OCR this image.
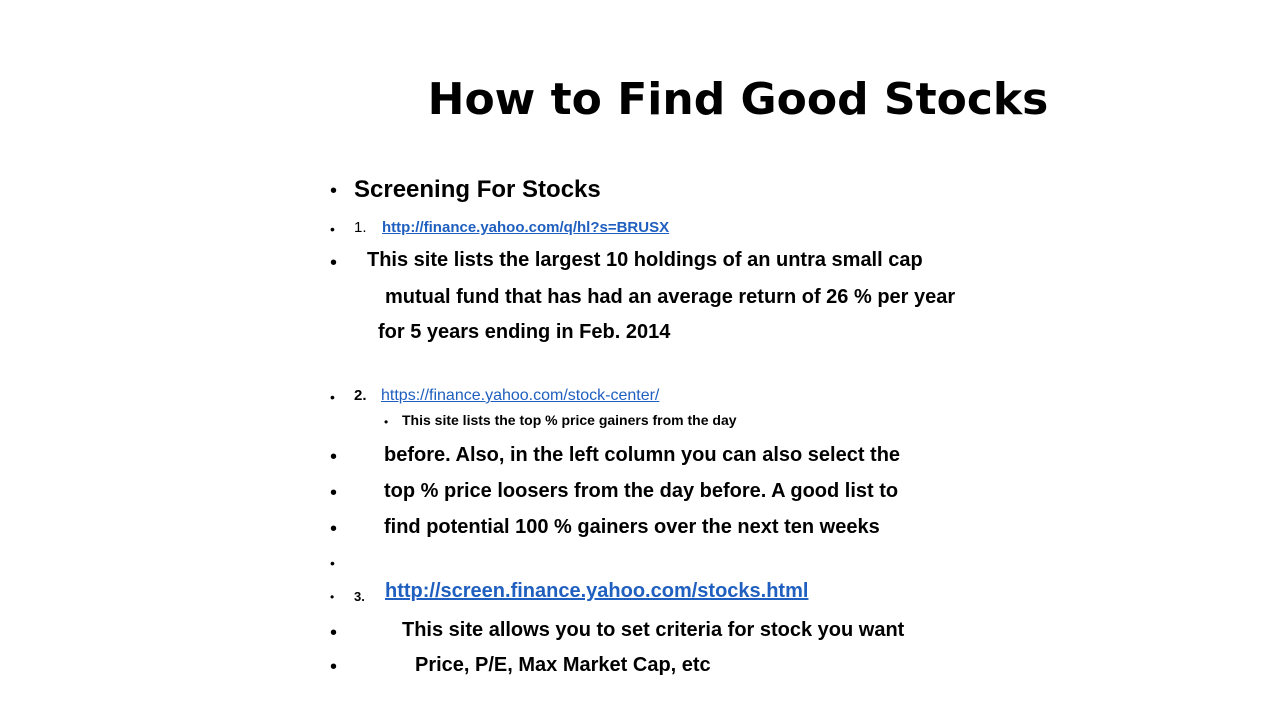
How to Find Good Stocks
• Screening For Stocks
• 1. http://finance.yahoo.com/q/hl?s=BRUSX
• This site lists the largest 10 holdings of an untra small cap
mutual fund that has had an average return of 26 % per year
for 5 years ending in Feb. 2014
• 2. https://finance.yahoo.com/stock-center/
• This site lists the top % price gainers from the day
• before. Also, in the left column you can also select the
• top % price loosers from the day before. A good list to
• find potential 100 % gainers over the next ten weeks
•
• 3. http://screen.finance.yahoo.com/stocks.html
•	This site allows you to set criteria for stock you want
•	Price, P/E, Max Market Cap, etc
